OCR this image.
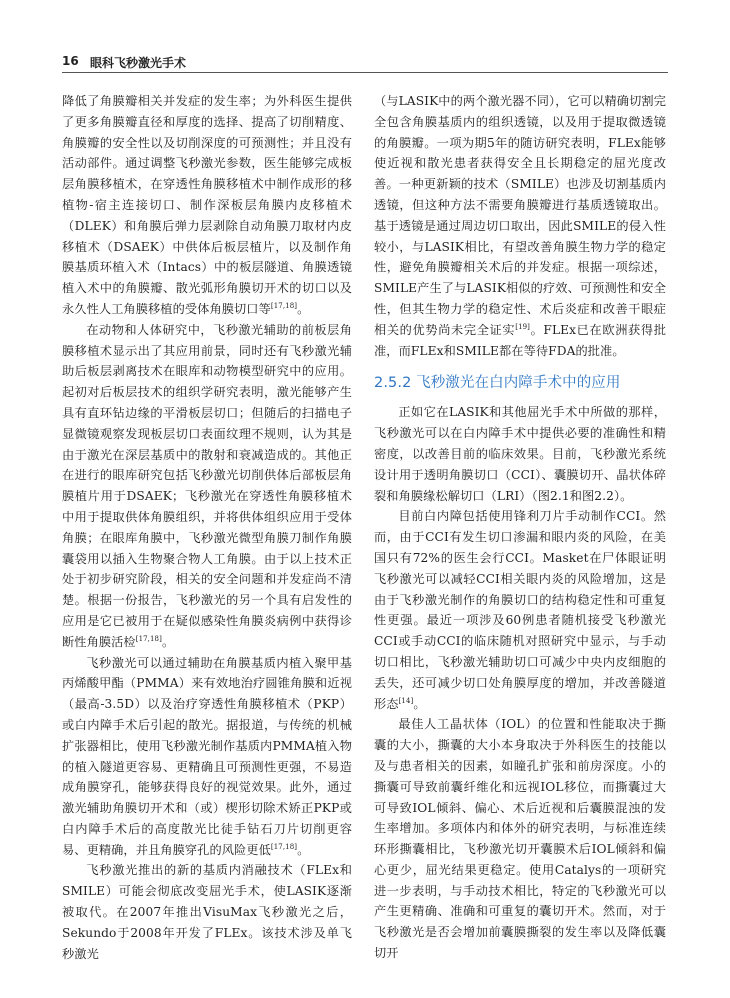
16 眼科飞秒激光手术

降低了角膜瓣相关并发症的发生率；为外科医生提供了更多角膜瓣直径和厚度的选择、提高了切削精度、角膜瓣的安全性以及切削深度的可预测性；并且没有活动部件。通过调整飞秒激光参数，医生能够完成板层角膜移植术，在穿透性角膜移植术中制作成形的移植物-宿主连接切口、制作深板层角膜内皮移植术（DLEK）和角膜后弹力层剥除自动角膜刀取材内皮移植术（DSAEK）中供体后板层植片，以及制作角膜基质环植入术（Intacs）中的板层隧道、角膜透镜植入术中的角膜瓣、散光弧形角膜切开术的切口以及永久性人工角膜移植的受体角膜切口等[17,18]。

在动物和人体研究中，飞秒激光辅助的前板层角膜移植术显示出了其应用前景，同时还有飞秒激光辅助后板层剥离技术在眼库和动物模型研究中的应用。起初对后板层技术的组织学研究表明，激光能够产生具有直环钻边缘的平滑板层切口；但随后的扫描电子显微镜观察发现板层切口表面纹理不规则，认为其是由于激光在深层基质中的散射和衰减造成的。其他正在进行的眼库研究包括飞秒激光切削供体后部板层角膜植片用于DSAEK；飞秒激光在穿透性角膜移植术中用于提取供体角膜组织，并将供体组织应用于受体角膜；在眼库角膜中，飞秒激光微型角膜刀制作角膜囊袋用以插入生物聚合物人工角膜。由于以上技术正处于初步研究阶段，相关的安全问题和并发症尚不清楚。根据一份报告，飞秒激光的另一个具有启发性的应用是它已被用于在疑似感染性角膜炎病例中获得诊断性角膜活检[17,18]。

飞秒激光可以通过辅助在角膜基质内植入聚甲基丙烯酸甲酯（PMMA）来有效地治疗圆锥角膜和近视（最高-3.5D）以及治疗穿透性角膜移植术（PKP）或白内障手术后引起的散光。据报道，与传统的机械扩张器相比，使用飞秒激光制作基质内PMMA植入物的植入隧道更容易、更精确且可预测性更强，不易造成角膜穿孔，能够获得良好的视觉效果。此外，通过激光辅助角膜切开术和（或）楔形切除术矫正PKP或白内障手术后的高度散光比徒手钻石刀片切削更容易、更精确，并且角膜穿孔的风险更低[17,18]。

飞秒激光推出的新的基质内消融技术（FLEx和SMILE）可能会彻底改变屈光手术，使LASIK逐渐被取代。在2007年推出VisuMax飞秒激光之后，Sekundo于2008年开发了FLEx。该技术涉及单飞秒激光

（与LASIK中的两个激光器不同），它可以精确切割完全包含角膜基质内的组织透镜，以及用于提取微透镜的角膜瓣。一项为期5年的随访研究表明，FLEx能够使近视和散光患者获得安全且长期稳定的屈光度改善。一种更新颖的技术（SMILE）也涉及切割基质内透镜，但这种方法不需要角膜瓣进行基质透镜取出。基于透镜是通过周边切口取出，因此SMILE的侵入性较小，与LASIK相比，有望改善角膜生物力学的稳定性，避免角膜瓣相关术后的并发症。根据一项综述，SMILE产生了与LASIK相似的疗效、可预测性和安全性，但其生物力学的稳定性、术后炎症和改善干眼症相关的优势尚未完全证实[19]。FLEx已在欧洲获得批准，而FLEx和SMILE都在等待FDA的批准。

2.5.2 飞秒激光在白内障手术中的应用

正如它在LASIK和其他屈光手术中所做的那样，飞秒激光可以在白内障手术中提供必要的准确性和精密度，以改善目前的临床效果。目前，飞秒激光系统设计用于透明角膜切口（CCI）、囊膜切开、晶状体碎裂和角膜缘松解切口（LRI）（图2.1和图2.2）。

目前白内障包括使用锋利刀片手动制作CCI。然而，由于CCI有发生切口渗漏和眼内炎的风险，在美国只有72%的医生会行CCI。Masket在尸体眼证明飞秒激光可以减轻CCI相关眼内炎的风险增加，这是由于飞秒激光制作的角膜切口的结构稳定性和可重复性更强。最近一项涉及60例患者随机接受飞秒激光CCI或手动CCI的临床随机对照研究中显示，与手动切口相比，飞秒激光辅助切口可减少中央内皮细胞的丢失，还可减少切口处角膜厚度的增加，并改善隧道形态[14]。

最佳人工晶状体（IOL）的位置和性能取决于撕囊的大小，撕囊的大小本身取决于外科医生的技能以及与患者相关的因素，如瞳孔扩张和前房深度。小的撕囊可导致前囊纤维化和远视IOL移位，而撕囊过大可导致IOL倾斜、偏心、术后近视和后囊膜混浊的发生率增加。多项体内和体外的研究表明，与标准连续环形撕囊相比，飞秒激光切开囊膜术后IOL倾斜和偏心更少，屈光结果更稳定。使用Catalys的一项研究进一步表明，与手动技术相比，特定的飞秒激光可以产生更精确、准确和可重复的囊切开术。然而，对于飞秒激光是否会增加前囊膜撕裂的发生率以及降低囊切开
